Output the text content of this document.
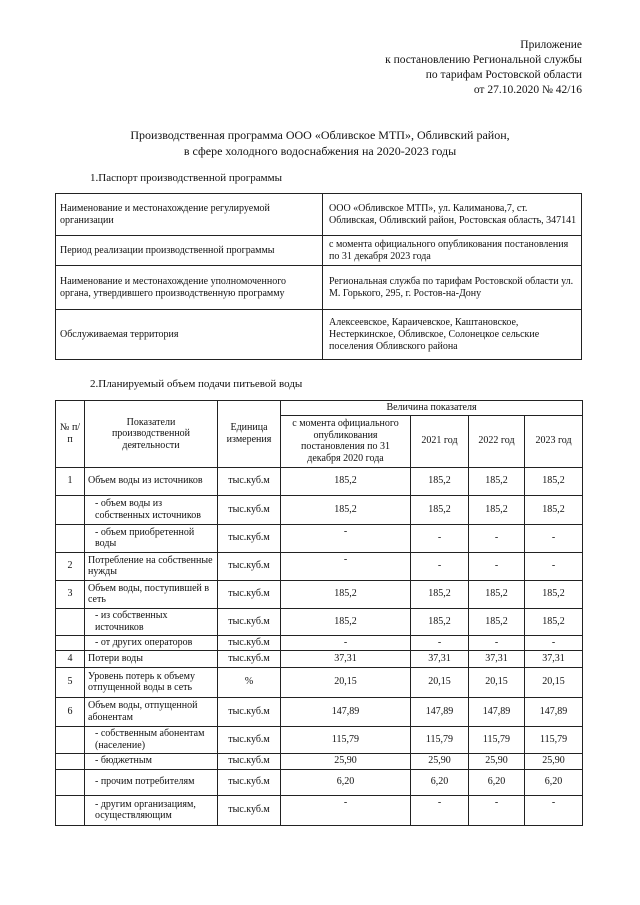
Приложение
к постановлению Региональной службы
по тарифам Ростовской области
от 27.10.2020 № 42/16
Производственная программа ООО «Обливское МТП», Обливский район,
в сфере холодного водоснабжения на 2020-2023 годы
1.Паспорт производственной программы
Наименование и местонахождение регулируемой организации	ООО «Обливское МТП», ул. Калиманова,7, ст. Обливская, Обливский район, Ростовская область, 347141
Период реализации производственной программы	с момента официального опубликования постановления по 31 декабря 2023 года
Наименование и местонахождение уполномоченного органа, утвердившего производственную программу	Региональная служба по тарифам Ростовской области ул. М. Горького, 295, г. Ростов-на-Дону
Обслуживаемая территория	Алексеевское, Караичевское, Каштановское, Нестеркинское, Обливское, Солонецкое сельские поселения Обливского района
2.Планируемый объем подачи питьевой воды
№ п/п	Показатели производственной деятельности	Единица измерения	Величина показателя			
			с момента официального опубликования постановления по 31 декабря 2020 года	2021 год	2022 год	2023 год
1	Объем воды из источников	тыс.куб.м	185,2	185,2	185,2	185,2
	- объем воды из собственных источников	тыс.куб.м	185,2	185,2	185,2	185,2
	- объем приобретенной воды	тыс.куб.м	-	-	-	-
2	Потребление на собственные нужды	тыс.куб.м	-	-	-	-
3	Объем воды, поступившей в сеть	тыс.куб.м	185,2	185,2	185,2	185,2
	- из собственных источников	тыс.куб.м	185,2	185,2	185,2	185,2
	- от других операторов	тыс.куб.м	-	-	-	-
4	Потери воды	тыс.куб.м	37,31	37,31	37,31	37,31
5	Уровень потерь к объему отпущенной воды в сеть	%	20,15	20,15	20,15	20,15
6	Объем воды, отпущенной абонентам	тыс.куб.м	147,89	147,89	147,89	147,89
	- собственным абонентам (население)	тыс.куб.м	115,79	115,79	115,79	115,79
	- бюджетным	тыс.куб.м	25,90	25,90	25,90	25,90
	- прочим потребителям	тыс.куб.м	6,20	6,20	6,20	6,20
	- другим организациям, осуществляющим	тыс.куб.м	-	-	-	-
